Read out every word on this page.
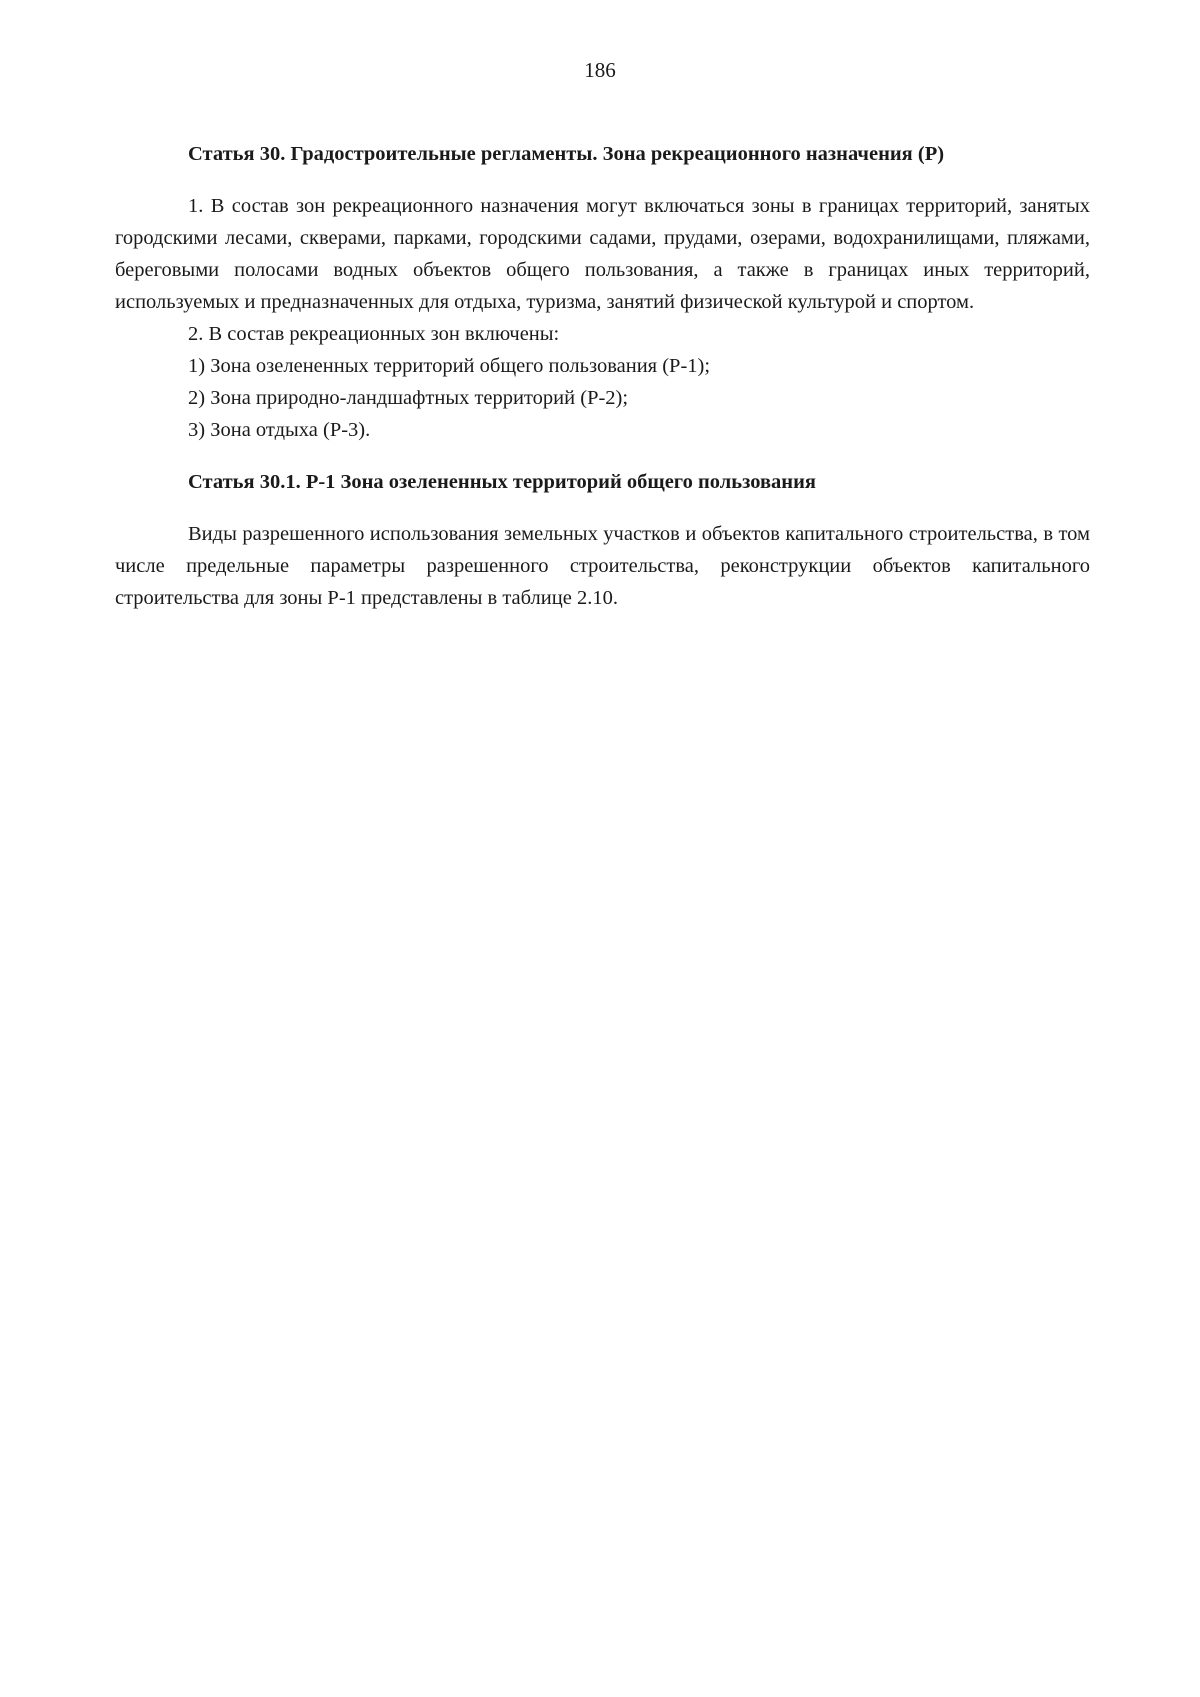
186
Статья 30. Градостроительные регламенты. Зона рекреационного назначения (Р)

1. В состав зон рекреационного назначения могут включаться зоны в границах территорий, занятых городскими лесами, скверами, парками, городскими садами, прудами, озерами, водохранилищами, пляжами, береговыми полосами водных объектов общего пользования, а также в границах иных территорий, используемых и предназначенных для отдыха, туризма, занятий физической культурой и спортом.

2. В состав рекреационных зон включены:

1) Зона озелененных территорий общего пользования (Р-1);

2) Зона природно-ландшафтных территорий (Р-2);

3) Зона отдыха (Р-3).

Статья 30.1. Р-1 Зона озелененных территорий общего пользования

Виды разрешенного использования земельных участков и объектов капитального строительства, в том числе предельные параметры разрешенного строительства, реконструкции объектов капитального строительства для зоны Р-1 представлены в таблице 2.10.
